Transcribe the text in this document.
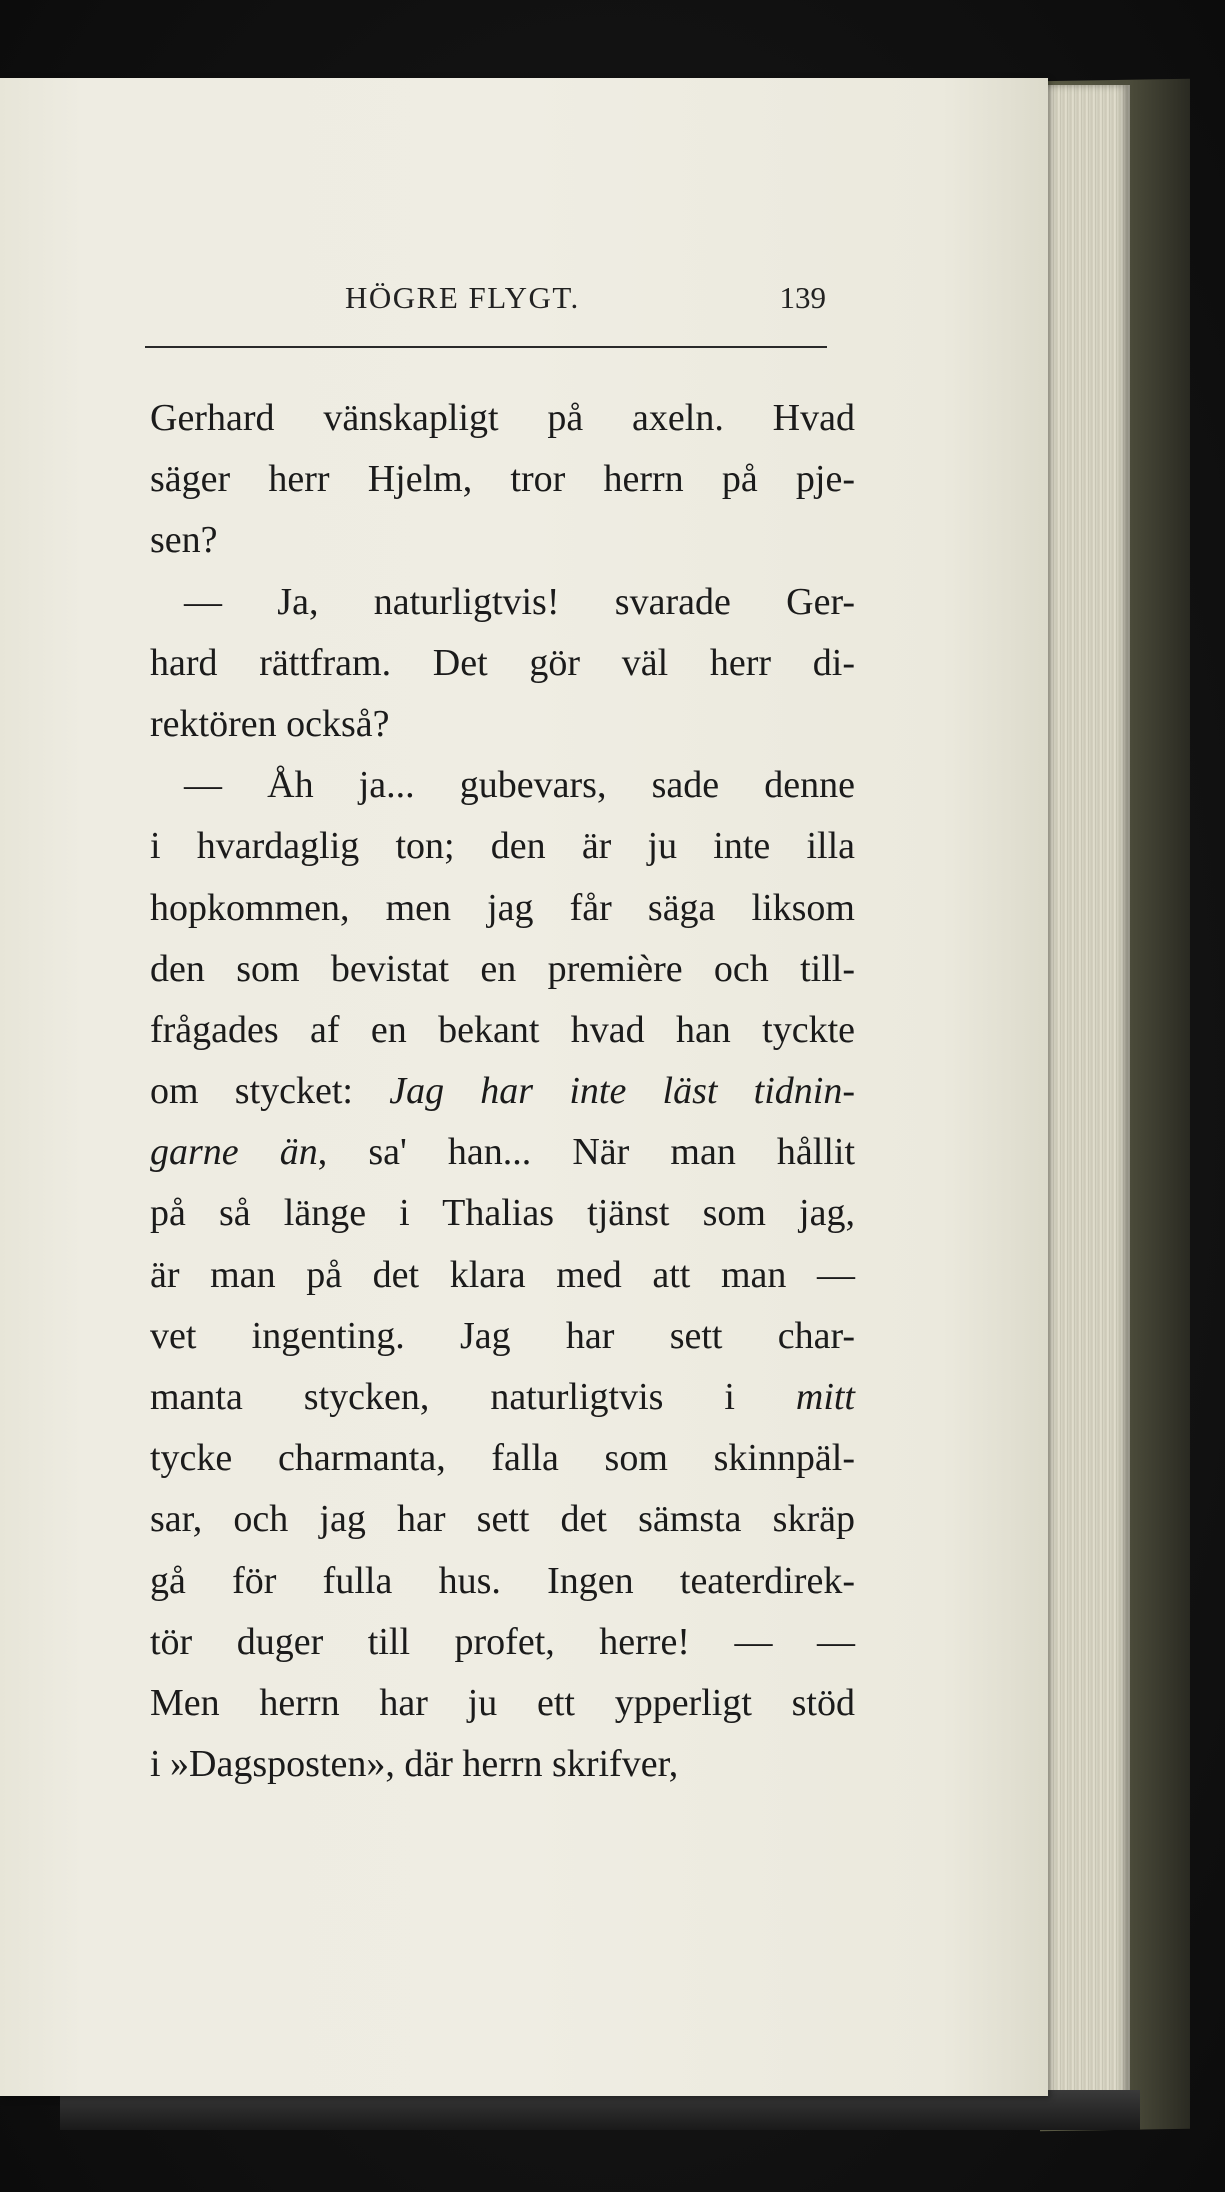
HÖGRE FLYGT.	139
Gerhard vänskapligt på axeln. Hvad
säger herr Hjelm, tror herrn på pje-
sen?
— Ja, naturligtvis! svarade Ger-
hard rättfram. Det gör väl herr di-
rektören också?
— Åh ja... gubevars, sade denne
i hvardaglig ton; den är ju inte illa
hopkommen, men jag får säga liksom
den som bevistat en première och till-
frågades af en bekant hvad han tyckte
om stycket: Jag har inte läst tidnin-
garne än, sa' han... När man hållit
på så länge i Thalias tjänst som jag,
är man på det klara med att man —
vet ingenting. Jag har sett char-
manta stycken, naturligtvis i mitt
tycke charmanta, falla som skinnpäl-
sar, och jag har sett det sämsta skräp
gå för fulla hus. Ingen teaterdirek-
tör duger till profet, herre! — —
Men herrn har ju ett ypperligt stöd
i »Dagsposten», där herrn skrifver,
